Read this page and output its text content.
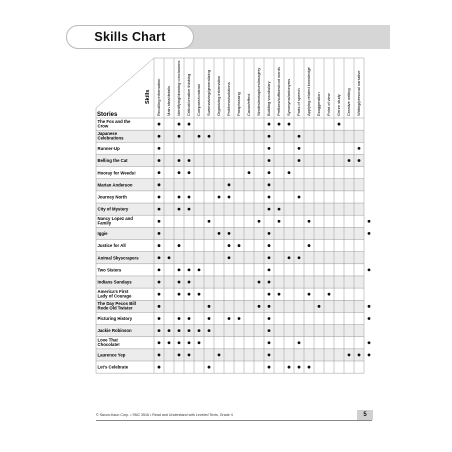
Skills Chart
Skills
Stories	Recalling information Main idea/details Identifying/drawing conclusions Critical/creative thinking Compare/contrast Summarizing/generalizing Organizing information Problems/solutions Paraphrasing Cause/effect Similes/metaphors/imagery Building vocabulary Prefixes/suffixes/root words Synonyms/antonyms Parts of speech Applying related knowledge Exaggeration Point of view Genre study Creative writing Writing/personal narrative
The Fox and the
Crow
Japanese
Celebrations
Runner-Up
Belling the Cat
Hooray for Weeds!
Marian Anderson
Journey North
City of Mystery
Nancy Lopez and
Family
Iggie
Justice for All
Animal Skyscrapers
Two Sisters
Indians Sundays
America's First
Lady of Courage
The Day Pecos Bill
Rode Old Twister
Picturing History
Jackie Robinson
Love That
Chocolate!
Laurence Yep
Let's Celebrate
© Saxon-Kaun Corp. • SNC 3516 • Read and Understand with Leveled Texts, Grade 4	5
